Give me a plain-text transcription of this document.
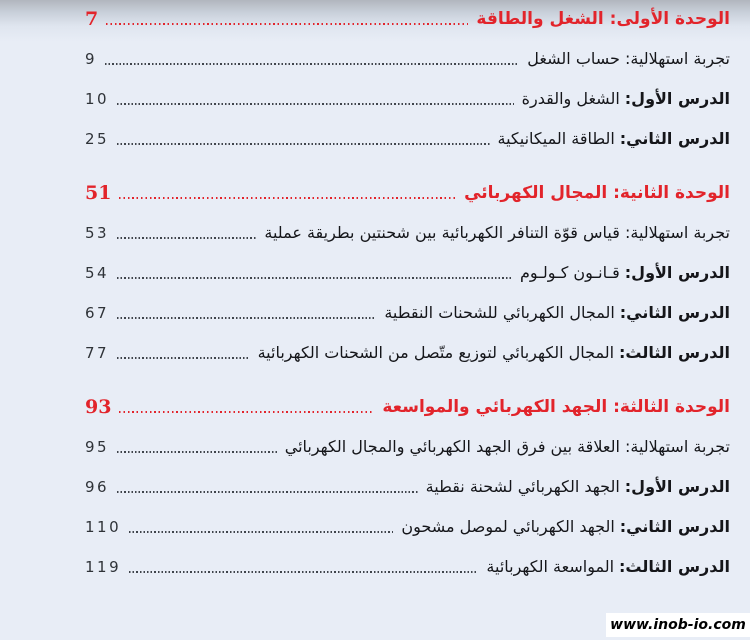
الوحدة الأولى: الشغل والطاقة
7
تجربة استهلالية: حساب الشغل
9
الدرس الأول:الشغل والقدرة
10
الدرس الثاني:الطاقة الميكانيكية
25
الوحدة الثانية: المجال الكهربائي
51
تجربة استهلالية: قياس قوّة التنافر الكهربائية بين شحنتين بطريقة عملية
53
الدرس الأول:قـانـون كـولـوم
54
الدرس الثاني:المجال الكهربائي للشحنات النقطية
67
الدرس الثالث:المجال الكهربائي لتوزيع متّصل من الشحنات الكهربائية
77
الوحدة الثالثة: الجهد الكهربائي والمواسعة
93
تجربة استهلالية: العلاقة بين فرق الجهد الكهربائي والمجال الكهربائي
95
الدرس الأول:الجهد الكهربائي لشحنة نقطية
96
الدرس الثاني:الجهد الكهربائي لموصل مشحون
110
الدرس الثالث:المواسعة الكهربائية
119
www.inob-io.com
